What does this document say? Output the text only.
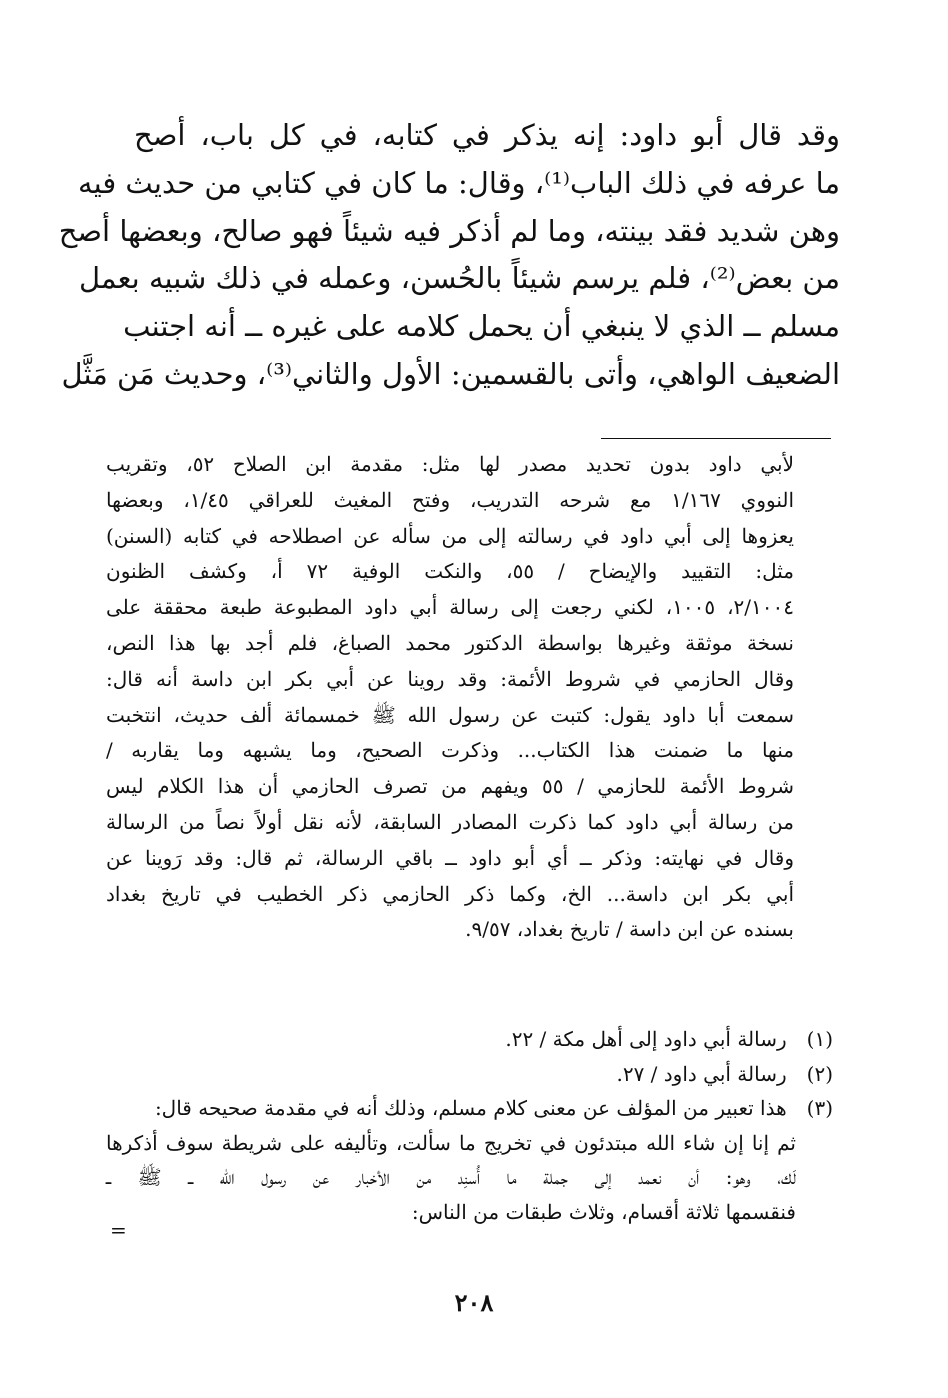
وقد قال أبو داود: إنه يذكر في كتابه، في كل باب، أصح
ما عرفه في ذلك الباب⁽¹⁾، وقال: ما كان في كتابي من حديث فيه
وهن شديد فقد بينته، وما لم أذكر فيه شيئاً فهو صالح، وبعضها أصح
من بعض⁽²⁾، فلم يرسم شيئاً بالحُسن، وعمله في ذلك شبيه بعمل
مسلم ــ الذي لا ينبغي أن يحمل كلامه على غيره ــ أنه اجتنب
الضعيف الواهي، وأتى بالقسمين: الأول والثاني⁽³⁾، وحديث مَن مَثَّل
لأبي داود بدون تحديد مصدر لها مثل: مقدمة ابن الصلاح ٥٢، وتقريب
النووي ١/١٦٧ مع شرحه التدريب، وفتح المغيث للعراقي ١/٤٥، وبعضها
يعزوها إلى أبي داود في رسالته إلى من سأله عن اصطلاحه في كتابه (السنن)
مثل: التقييد والإيضاح / ٥٥، والنكت الوفية ٧٢ أ، وكشف الظنون
٢/١٠٠٤، ١٠٠٥، لكني رجعت إلى رسالة أبي داود المطبوعة طبعة محققة على
نسخة موثقة وغيرها بواسطة الدكتور محمد الصباغ، فلم أجد بها هذا النص،
وقال الحازمي في شروط الأئمة: وقد روينا عن أبي بكر ابن داسة أنه قال:
سمعت أبا داود يقول: كتبت عن رسول الله ﷺ خمسمائة ألف حديث، انتخبت
منها ما ضمنت هذا الكتاب... وذكرت الصحيح، وما يشبهه وما يقاربه /
شروط الأئمة للحازمي / ٥٥ ويفهم من تصرف الحازمي أن هذا الكلام ليس
من رسالة أبي داود كما ذكرت المصادر السابقة، لأنه نقل أولاً نصاً من الرسالة
وقال في نهايته: وذكر ــ أي أبو داود ــ باقي الرسالة، ثم قال: وقد رَوينا عن
أبي بكر ابن داسة... الخ، وكما ذكر الحازمي ذكر الخطيب في تاريخ بغداد
بسنده عن ابن داسة / تاريخ بغداد، ٩/٥٧.
(١) رسالة أبي داود إلى أهل مكة / ٢٢.
(٢) رسالة أبي داود / ٢٧.
(٣) هذا تعبير من المؤلف عن معنى كلام مسلم، وذلك أنه في مقدمة صحيحه قال:
ثم إنا إن شاء الله مبتدئون في تخريج ما سألت، وتأليفه على شريطة سوف أذكرها
لَك، وهو: أن نعمد إلى جملة ما أُسنِد من الأخبار عن رسول الله ــ ﷺ ــ
فنقسمها ثلاثة أقسام، وثلاث طبقات من الناس:
=
٢٠٨
